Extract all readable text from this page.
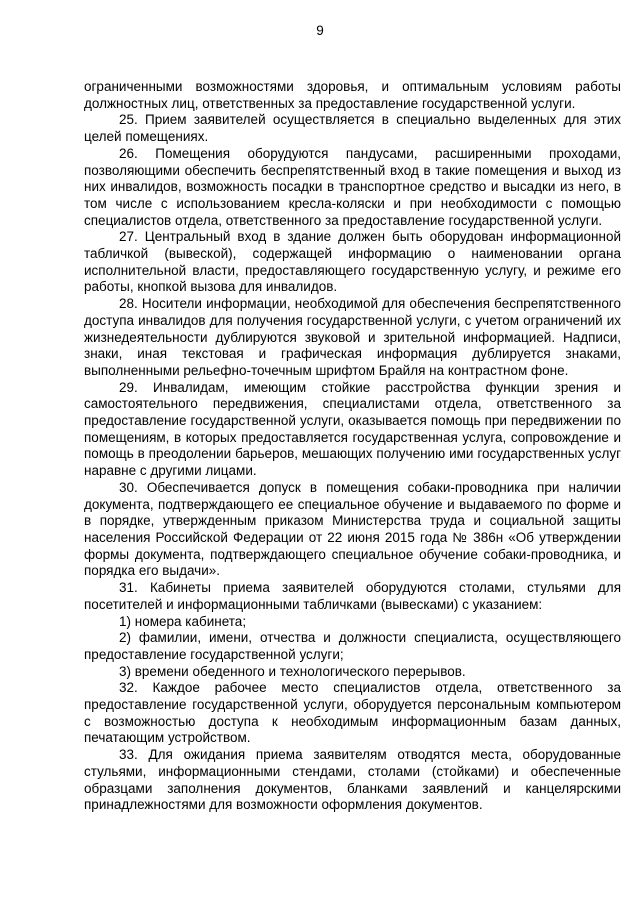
9

ограниченными возможностями здоровья, и оптимальным условиям работы должностных лиц, ответственных за предоставление государственной услуги.

25. Прием заявителей осуществляется в специально выделенных для этих целей помещениях.

26. Помещения оборудуются пандусами, расширенными проходами, позволяющими обеспечить беспрепятственный вход в такие помещения и выход из них инвалидов, возможность посадки в транспортное средство и высадки из него, в том числе с использованием кресла-коляски и при необходимости с помощью специалистов отдела, ответственного за предоставление государственной услуги.

27. Центральный вход в здание должен быть оборудован информационной табличкой (вывеской), содержащей информацию о наименовании органа исполнительной власти, предоставляющего государственную услугу, и режиме его работы, кнопкой вызова для инвалидов.

28. Носители информации, необходимой для обеспечения беспрепятственного доступа инвалидов для получения государственной услуги, с учетом ограничений их жизнедеятельности дублируются звуковой и зрительной информацией. Надписи, знаки, иная текстовая и графическая информация дублируется знаками, выполненными рельефно-точечным шрифтом Брайля на контрастном фоне.

29. Инвалидам, имеющим стойкие расстройства функции зрения и самостоятельного передвижения, специалистами отдела, ответственного за предоставление государственной услуги, оказывается помощь при передвижении по помещениям, в которых предоставляется государственная услуга, сопровождение и помощь в преодолении барьеров, мешающих получению ими государственных услуг наравне с другими лицами.

30. Обеспечивается допуск в помещения собаки-проводника при наличии документа, подтверждающего ее специальное обучение и выдаваемого по форме и в порядке, утвержденным приказом Министерства труда и социальной защиты населения Российской Федерации от 22 июня 2015 года № 386н «Об утверждении формы документа, подтверждающего специальное обучение собаки-проводника, и порядка его выдачи».

31. Кабинеты приема заявителей оборудуются столами, стульями для посетителей и информационными табличками (вывесками) с указанием:

1) номера кабинета;

2) фамилии, имени, отчества и должности специалиста, осуществляющего предоставление государственной услуги;

3) времени обеденного и технологического перерывов.

32. Каждое рабочее место специалистов отдела, ответственного за предоставление государственной услуги, оборудуется персональным компьютером с возможностью доступа к необходимым информационным базам данных, печатающим устройством.

33. Для ожидания приема заявителям отводятся места, оборудованные стульями, информационными стендами, столами (стойками) и обеспеченные образцами заполнения документов, бланками заявлений и канцелярскими принадлежностями для возможности оформления документов.
